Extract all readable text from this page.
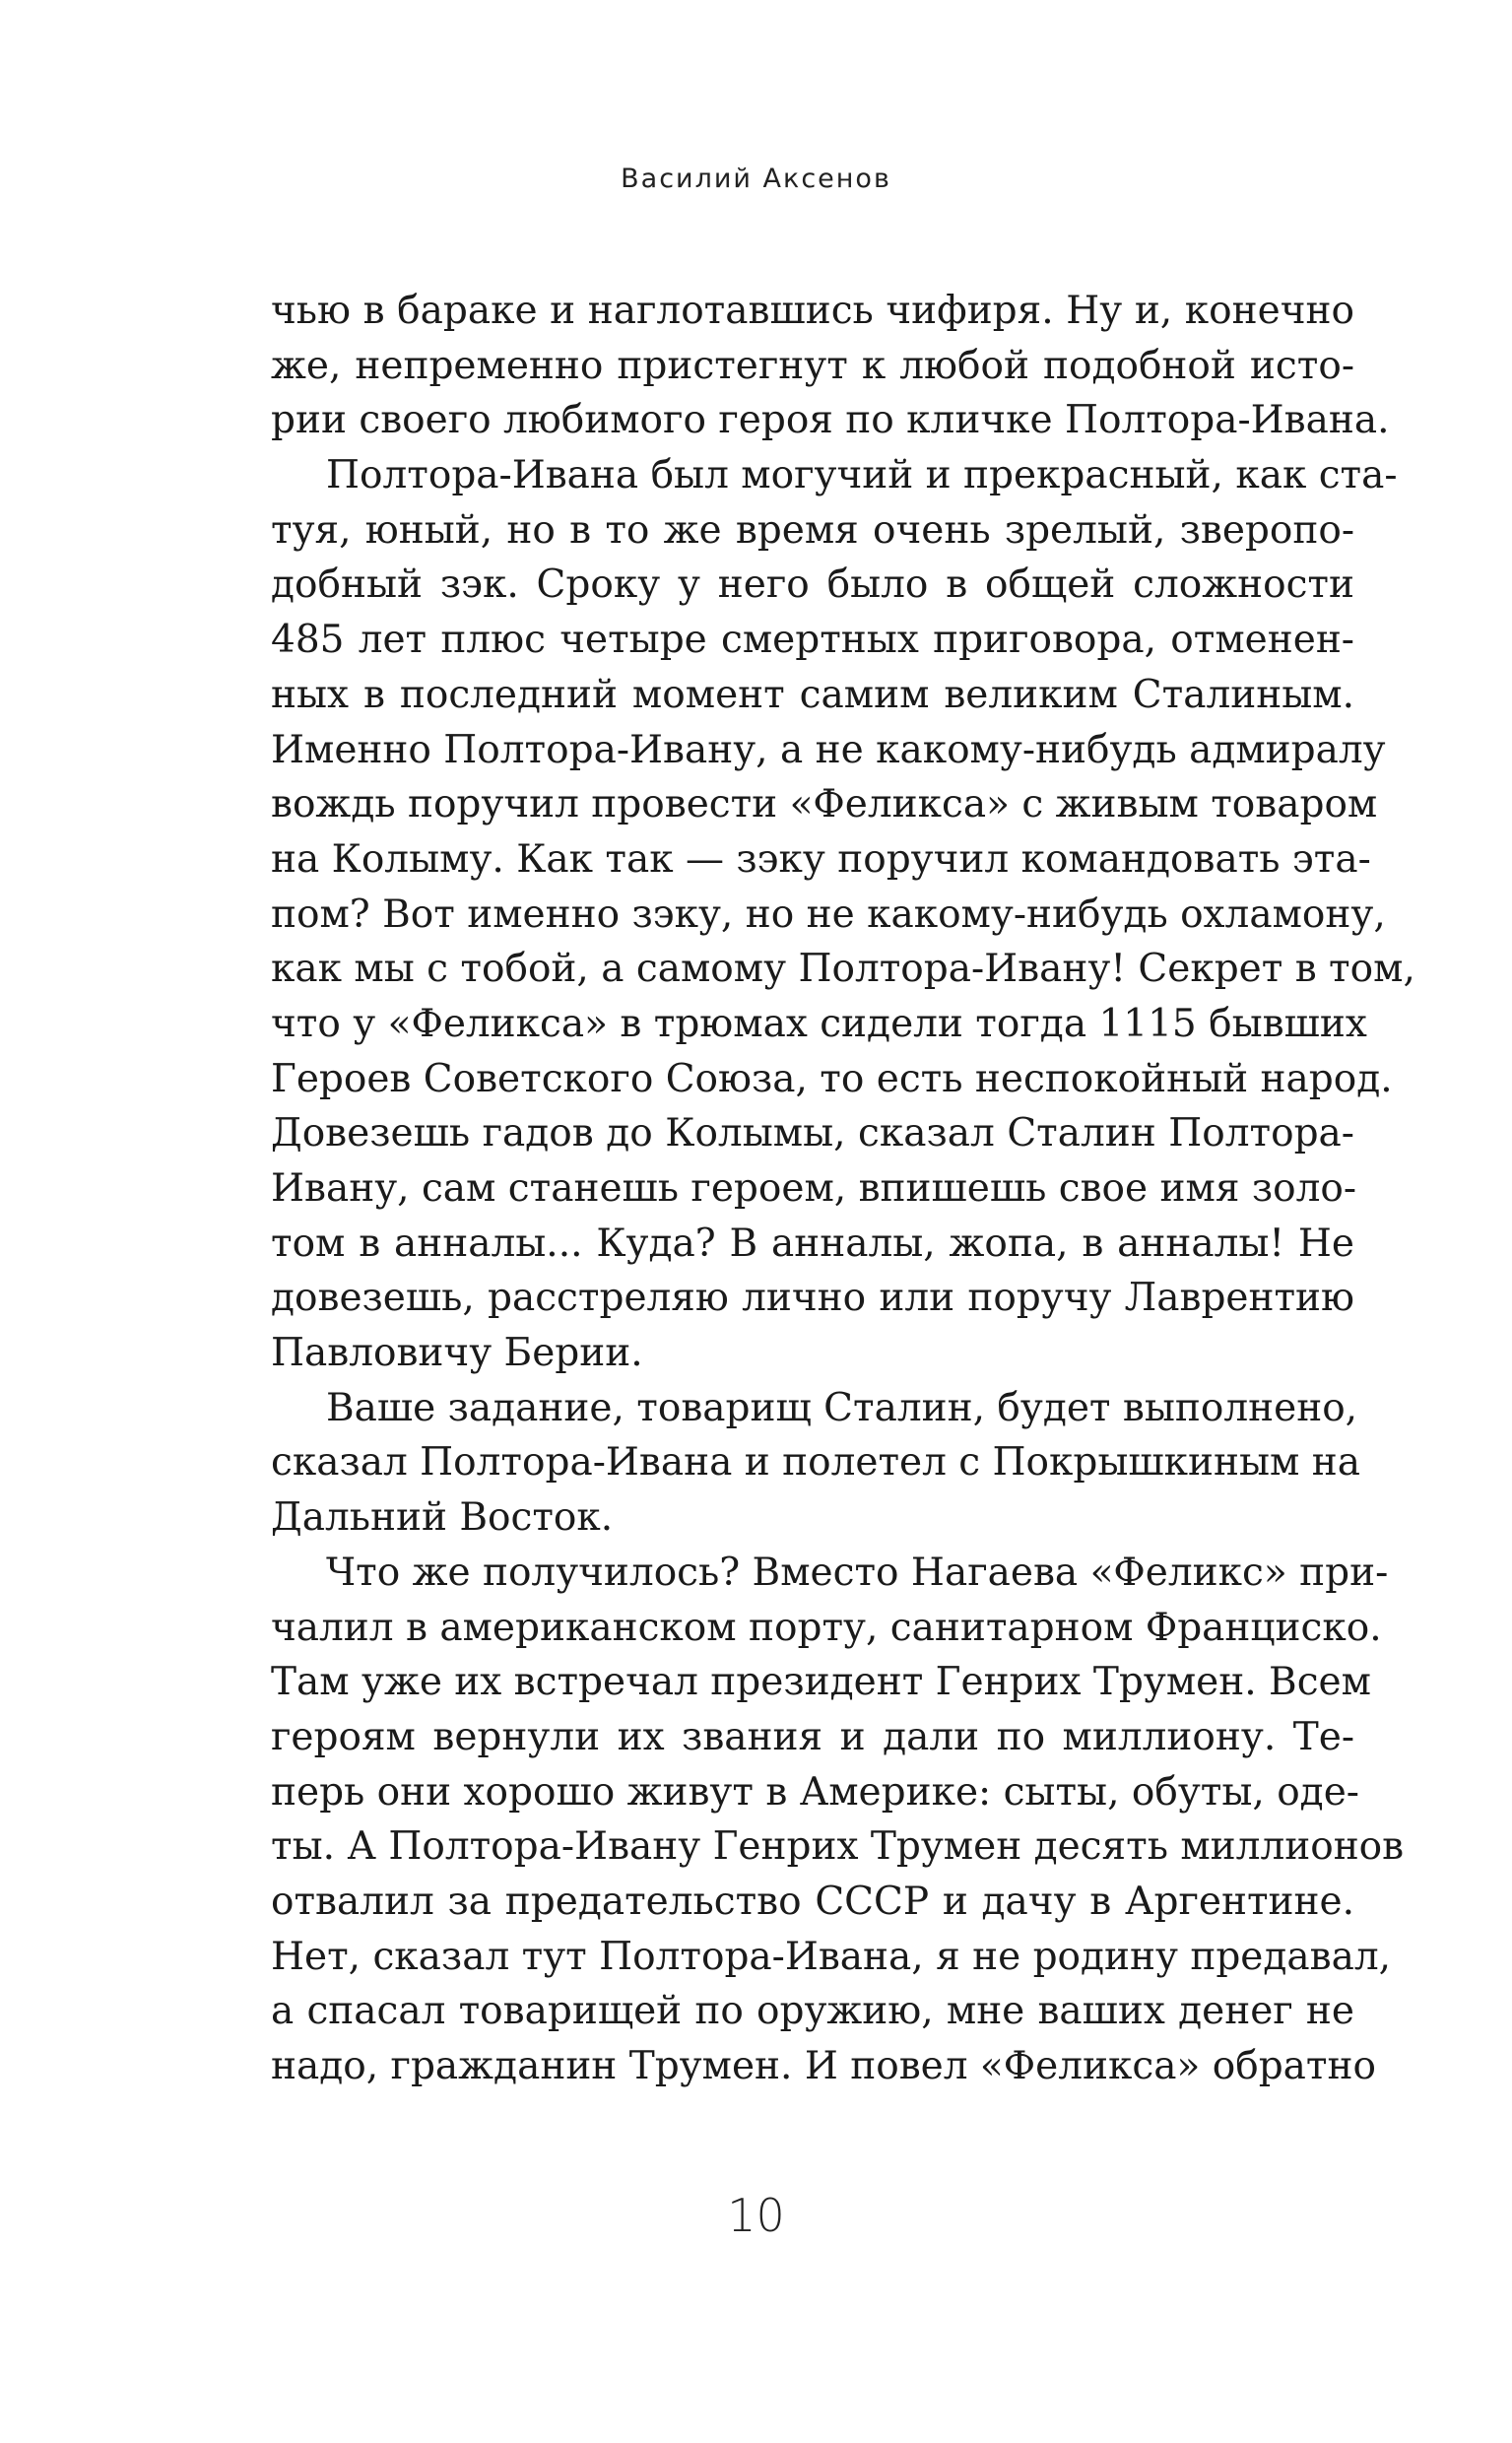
Василий Аксенов
чью в бараке и наглотавшись чифиря. Ну и, конечно
же, непременно пристегнут к любой подобной исто-
рии своего любимого героя по кличке Полтора-Ивана.
Полтора-Ивана был могучий и прекрасный, как ста-
туя, юный, но в то же время очень зрелый, зверопо-
добный зэк. Сроку у него было в общей сложности
485 лет плюс четыре смертных приговора, отменен-
ных в последний момент самим великим Сталиным.
Именно Полтора-Ивану, а не какому-нибудь адмиралу
вождь поручил провести «Феликса» с живым товаром
на Колыму. Как так — зэку поручил командовать эта-
пом? Вот именно зэку, но не какому-нибудь охламону,
как мы с тобой, а самому Полтора-Ивану! Секрет в том,
что у «Феликса» в трюмах сидели тогда 1115 бывших
Героев Советского Союза, то есть неспокойный народ.
Довезешь гадов до Колымы, сказал Сталин Полтора-
Ивану, сам станешь героем, впишешь свое имя золо-
том в анналы... Куда? В анналы, жопа, в анналы! Не
довезешь, расстреляю лично или поручу Лаврентию
Павловичу Берии.
Ваше задание, товарищ Сталин, будет выполнено,
сказал Полтора-Ивана и полетел с Покрышкиным на
Дальний Восток.
Что же получилось? Вместо Нагаева «Феликс» при-
чалил в американском порту, санитарном Франциско.
Там уже их встречал президент Генрих Трумен. Всем
героям вернули их звания и дали по миллиону. Те-
перь они хорошо живут в Америке: сыты, обуты, оде-
ты. А Полтора-Ивану Генрих Трумен десять миллионов
отвалил за предательство СССР и дачу в Аргентине.
Нет, сказал тут Полтора-Ивана, я не родину предавал,
а спасал товарищей по оружию, мне ваших денег не
надо, гражданин Трумен. И повел «Феликса» обратно
10
